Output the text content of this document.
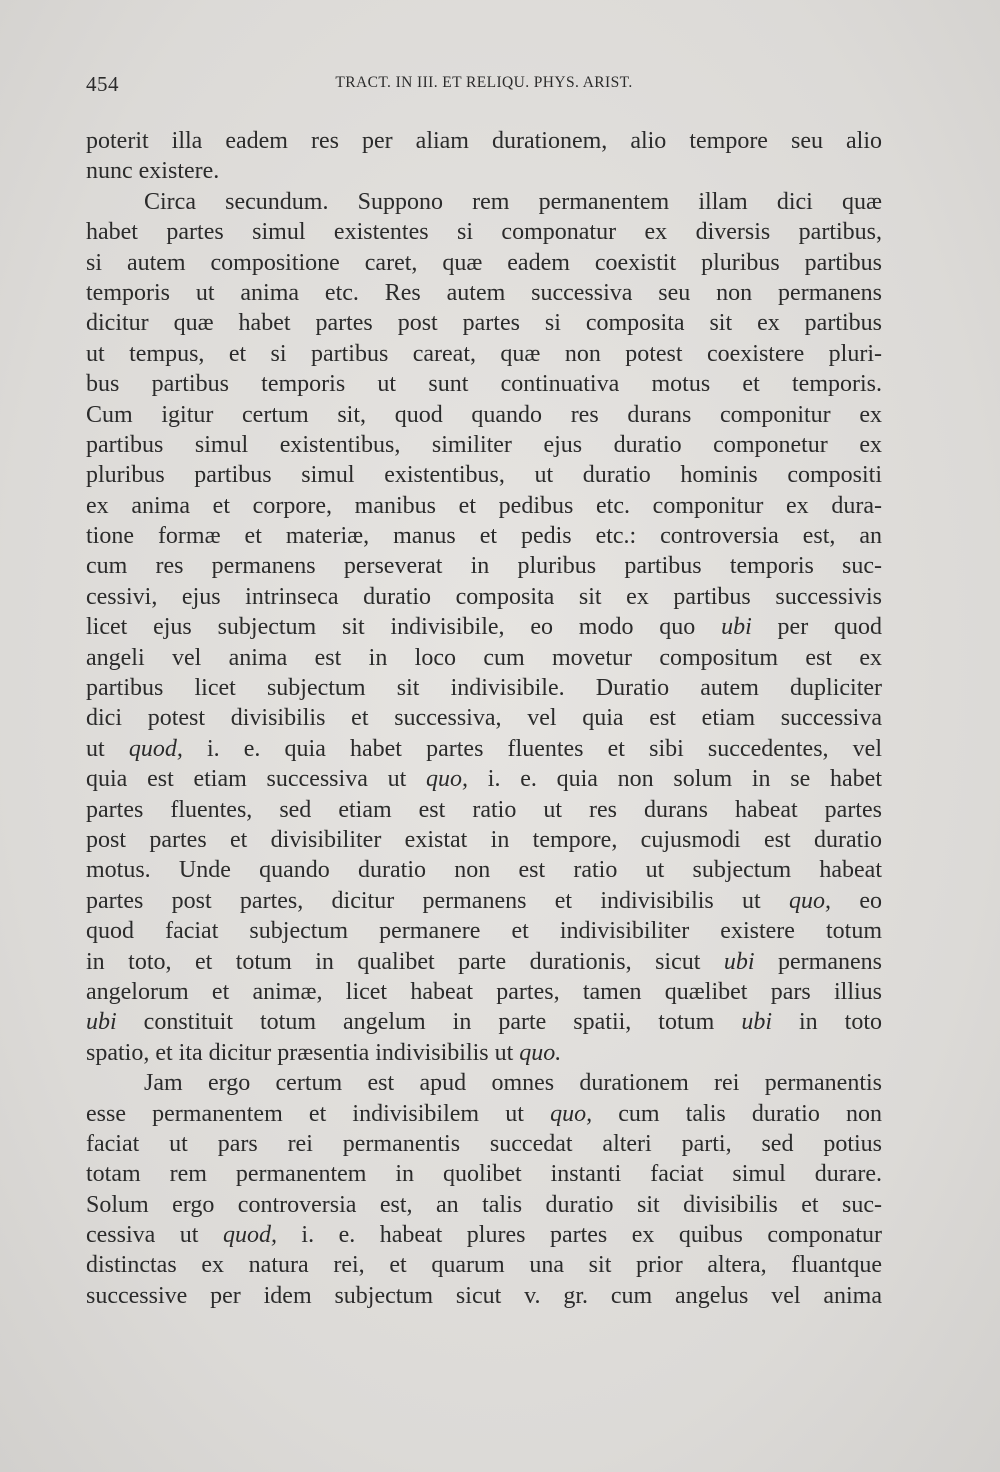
454	TRACT. IN III. ET RELIQU. PHYS. ARIST.
poterit illa eadem res per aliam durationem, alio tempore seu alio
nunc existere.
Circa secundum. Suppono rem permanentem illam dici quæ
habet partes simul existentes si componatur ex diversis partibus,
si autem compositione caret, quæ eadem coexistit pluribus partibus
temporis ut anima etc. Res autem successiva seu non permanens
dicitur quæ habet partes post partes si composita sit ex partibus
ut tempus, et si partibus careat, quæ non potest coexistere pluri-
bus partibus temporis ut sunt continuativa motus et temporis.
Cum igitur certum sit, quod quando res durans componitur ex
partibus simul existentibus, similiter ejus duratio componetur ex
pluribus partibus simul existentibus, ut duratio hominis compositi
ex anima et corpore, manibus et pedibus etc. componitur ex dura-
tione formæ et materiæ, manus et pedis etc.: controversia est, an
cum res permanens perseverat in pluribus partibus temporis suc-
cessivi, ejus intrinseca duratio composita sit ex partibus successivis
licet ejus subjectum sit indivisibile, eo modo quo ubi per quod
angeli vel anima est in loco cum movetur compositum est ex
partibus licet subjectum sit indivisibile. Duratio autem dupliciter
dici potest divisibilis et successiva, vel quia est etiam successiva
ut quod, i. e. quia habet partes fluentes et sibi succedentes, vel
quia est etiam successiva ut quo, i. e. quia non solum in se habet
partes fluentes, sed etiam est ratio ut res durans habeat partes
post partes et divisibiliter existat in tempore, cujusmodi est duratio
motus. Unde quando duratio non est ratio ut subjectum habeat
partes post partes, dicitur permanens et indivisibilis ut quo, eo
quod faciat subjectum permanere et indivisibiliter existere totum
in toto, et totum in qualibet parte durationis, sicut ubi permanens
angelorum et animæ, licet habeat partes, tamen quælibet pars illius
ubi constituit totum angelum in parte spatii, totum ubi in toto
spatio, et ita dicitur præsentia indivisibilis ut quo.
Jam ergo certum est apud omnes durationem rei permanentis
esse permanentem et indivisibilem ut quo, cum talis duratio non
faciat ut pars rei permanentis succedat alteri parti, sed potius
totam rem permanentem in quolibet instanti faciat simul durare.
Solum ergo controversia est, an talis duratio sit divisibilis et suc-
cessiva ut quod, i. e. habeat plures partes ex quibus componatur
distinctas ex natura rei, et quarum una sit prior altera, fluantque
successive per idem subjectum sicut v. gr. cum angelus vel anima
